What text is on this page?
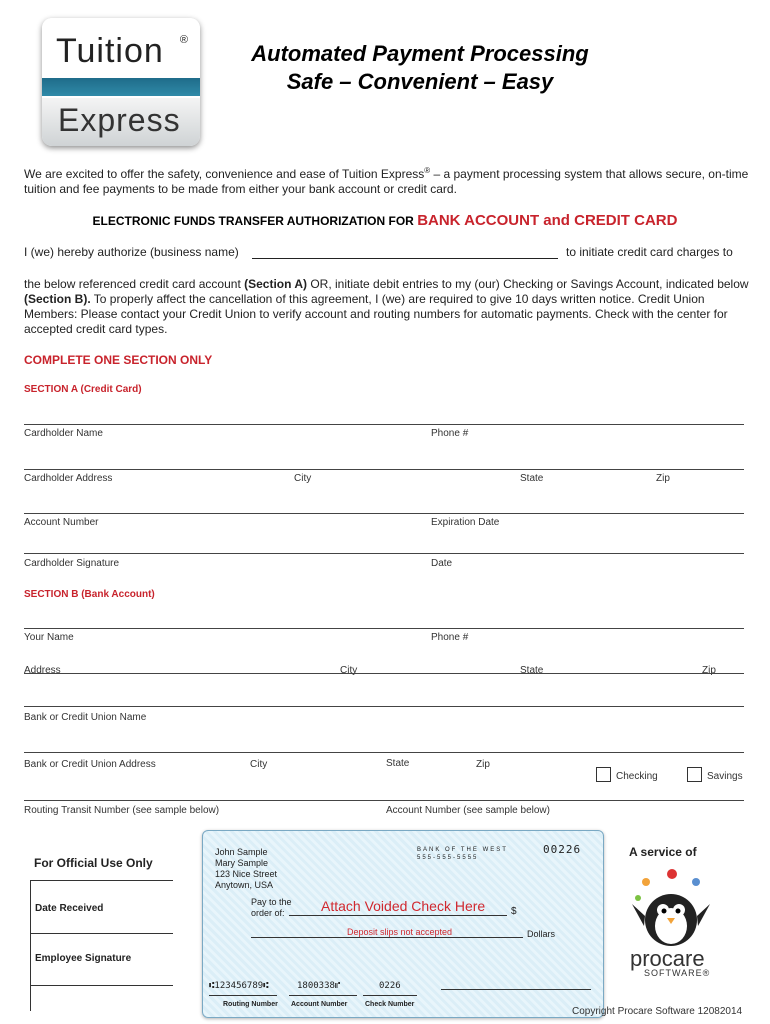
Tuition ®
Express
Automated Payment Processing
Safe – Convenient – Easy
We are excited to offer the safety, convenience and ease of Tuition Express® – a payment processing system that allows secure, on-time tuition and fee payments to be made from either your bank account or credit card.
ELECTRONIC FUNDS TRANSFER AUTHORIZATION FOR BANK ACCOUNT and CREDIT CARD
I (we) hereby authorize (business name)	to initiate credit card charges to
the below referenced credit card account (Section A) OR, initiate debit entries to my (our) Checking or Savings Account, indicated below (Section B). To properly affect the cancellation of this agreement, I (we) are required to give 10 days written notice. Credit Union Members: Please contact your Credit Union to verify account and routing numbers for automatic payments. Check with the center for accepted credit card types.
COMPLETE ONE SECTION ONLY
SECTION A (Credit Card)
Cardholder Name	Phone #
Cardholder Address	City	State	Zip
Account Number	Expiration Date
Cardholder Signature	Date
SECTION B (Bank Account)
Your Name	Phone #
Address	City	State	Zip
Bank or Credit Union Name
Bank or Credit Union Address	City	State	Zip
Checking	Savings
Routing Transit Number (see sample below)	Account Number (see sample below)
For Official Use Only
Date Received
Employee Signature
John Sample
Mary Sample
123 Nice Street
Anytown, USA
BANK OF THE WEST
555-555-5555
00226
Pay to the
order of:	Attach Voided Check Here	$
Deposit slips not accepted	Dollars
⑆123456789⑆	1800338⑈	0226
Routing Number Account Number	Check Number
A service of
procare
SOFTWARE®
Copyright Procare Software 12082014
